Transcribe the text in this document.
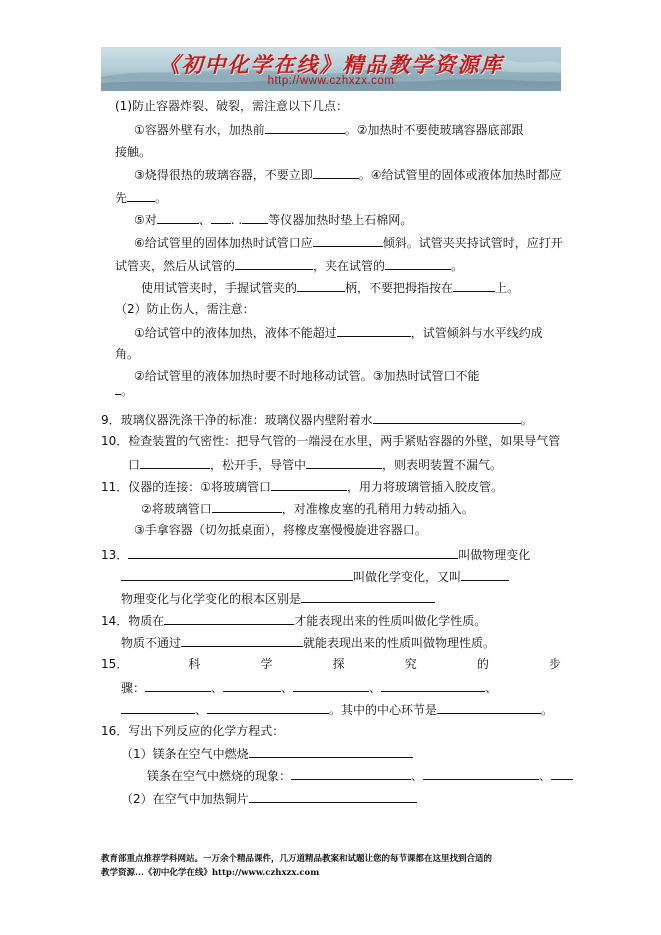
《初中化学在线》精品教学资源库
http://www.czhxzx.com
(1)防止容器炸裂、破裂，需注意以下几点：
①容器外壁有水，加热前	。②加热时不要使玻璃容器底部跟
接触。
③烧得很热的玻璃容器，不要立即	。④给试管里的固体或液体加热时都应
先 。
⑤对	、 . . 等仪器加热时垫上石棉网。
⑥给试管里的固体加热时试管口应	倾斜。试管夹夹持试管时，应打开
试管夹，然后从试管的	，夹在试管的	。
使用试管夹时，手握试管夹的	柄，不要把拇指按在	上。
（2）防止伤人，需注意：
①给试管中的液体加热，液体不能超过	，试管倾斜与水平线约成
角。
②给试管里的液体加热时要不时地移动试管。③加热时试管口不能
。
9．玻璃仪器洗涤干净的标准：玻璃仪器内壁附着水	。
10．检查装置的气密性：把导气管的一端浸在水里，两手紧贴容器的外壁，如果导气管
口	，松开手，导管中	，则表明装置不漏气。
11．仪器的连接：①将玻璃管口	，用力将玻璃管插入胶皮管。
②将玻璃管口	，对准橡皮塞的孔稍用力转动插入。
③手拿容器（切勿抵桌面），将橡皮塞慢慢旋进容器口。
13．	叫做物理变化
叫做化学变化，又叫
物理变化与化学变化的根本区别是
14．物质在	才能表现出来的性质叫做化学性质。
物质不通过	就能表现出来的性质叫做物理性质。
15．	科	学	探	究	的	步
骤：	、	、	、	、
、	。其中的中心环节是	。
16．写出下列反应的化学方程式：
（1）镁条在空气中燃烧
镁条在空气中燃烧的现象：	、	、
（2）在空气中加热铜片
教育部重点推荐学科网站。一万余个精品课件，几万道精品教案和试题让您的每节课都在这里找到合适的
教学资源...《初中化学在线》http://www.czhxzx.com
